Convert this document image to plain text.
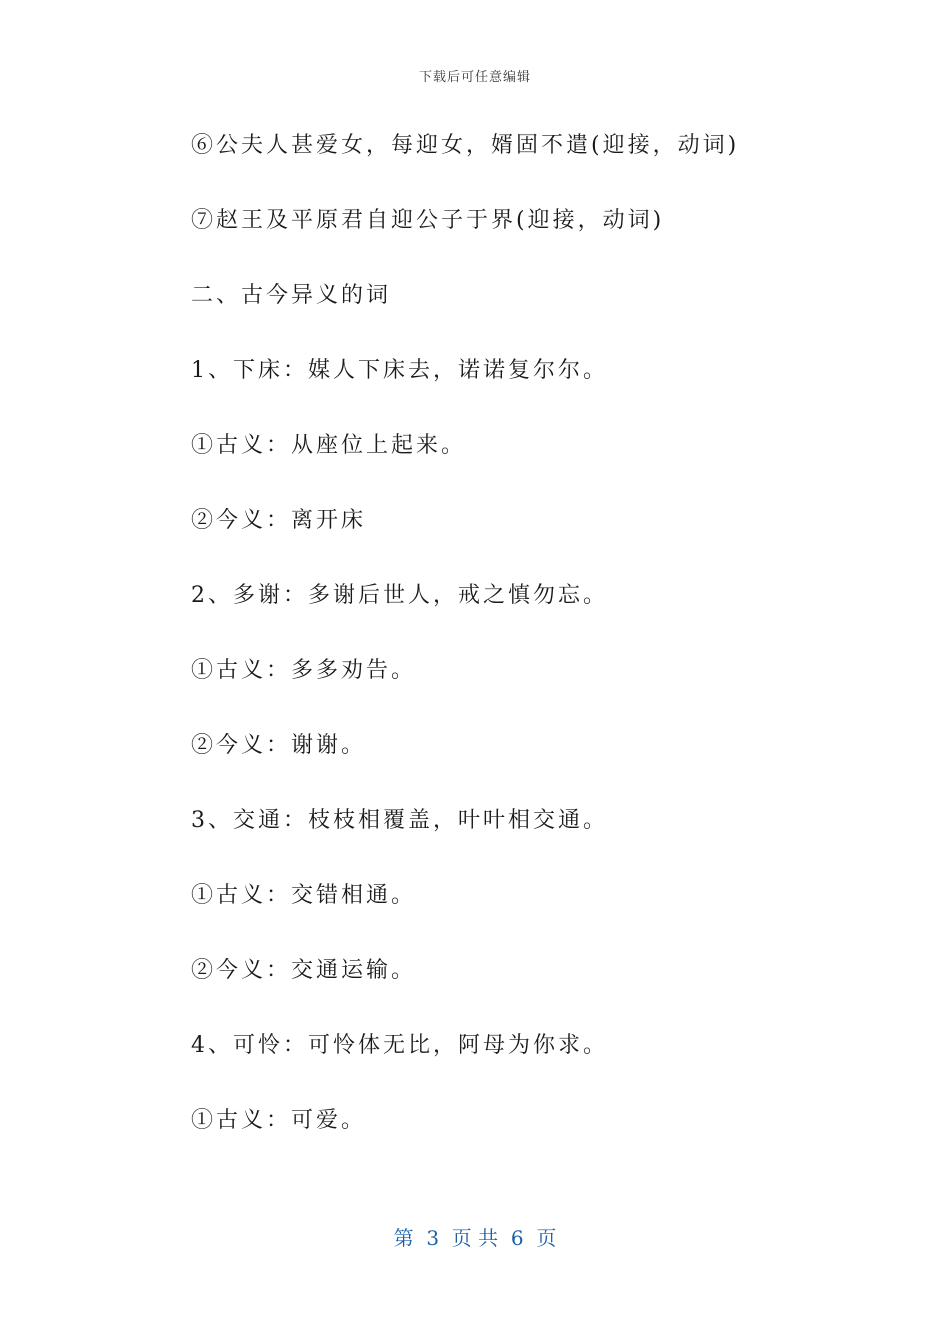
下载后可任意编辑
⑥公夫人甚爱女，每迎女，婿固不遣(迎接，动词)
⑦赵王及平原君自迎公子于界(迎接，动词)
二、古今异义的词
1、下床：媒人下床去，诺诺复尔尔。
①古义：从座位上起来。
②今义：离开床
2、多谢：多谢后世人，戒之慎勿忘。
①古义：多多劝告。
②今义：谢谢。
3、交通：枝枝相覆盖，叶叶相交通。
①古义：交错相通。
②今义：交通运输。
4、可怜：可怜体无比，阿母为你求。
①古义：可爱。
第  3  页 共  6  页
